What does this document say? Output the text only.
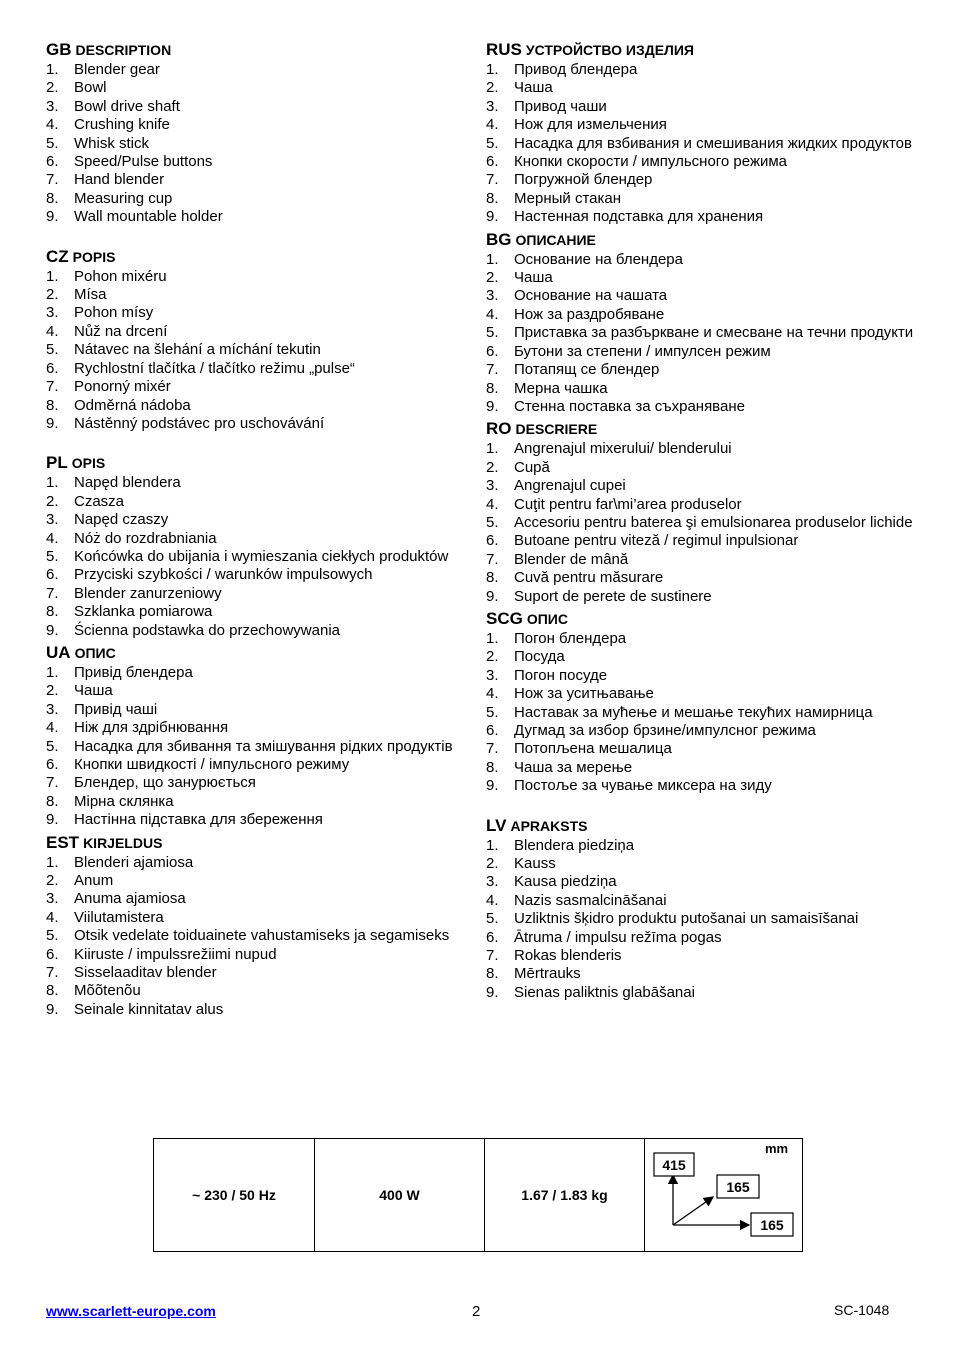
GB DESCRIPTION
1. Blender gear
2. Bowl
3. Bowl drive shaft
4. Crushing knife
5. Whisk stick
6. Speed/Pulse buttons
7. Hand blender
8. Measuring cup
9. Wall mountable holder
CZ POPIS
1. Pohon mixéru
2. Mísa
3. Pohon mísy
4. Nůž na drcení
5. Nátavec na šlehání a míchání tekutin
6. Rychlostní tlačítka / tlačítko režimu „pulse“
7. Ponorný mixér
8. Odměrná nádoba
9. Nástěnný podstávec pro uschovávání
PL OPIS
1. Napęd blendera
2. Czasza
3. Napęd czaszy
4. Nóż do rozdrabniania
5. Końcówka do ubijania i wymieszania ciekłych produktów
6. Przyciski szybkości / warunków impulsowych
7. Blender zanurzeniowy
8. Szklanka pomiarowa
9. Ścienna podstawka do przechowywania
UA ОПИС
1. Привід блендера
2. Чаша
3. Привід чаші
4. Ніж для здрібнювання
5. Насадка для збивання та змішування рідких продуктів
6. Кнопки швидкості / імпульсного режиму
7. Блендер, що занурюється
8. Мірна склянка
9. Настінна підставка для збереження
EST KIRJELDUS
1. Blenderi ajamiosa
2. Anum
3. Anuma ajamiosa
4. Viilutamistera
5. Otsik vedelate toiduainete vahustamiseks ja segamiseks
6. Kiiruste / impulssrežiimi nupud
7. Sisselaaditav blender
8. Mõõtenõu
9. Seinale kinnitatav alus
RUS УСТРОЙСТВО ИЗДЕЛИЯ
1. Привод блендера
2. Чаша
3. Привод чаши
4. Нож для измельчения
5. Насадка для взбивания и смешивания жидких продуктов
6. Кнопки скорости / импульсного режима
7. Погружной блендер
8. Мерный стакан
9. Настенная подставка для хранения
BG ОПИСАНИЕ
1. Основание на блендера
2. Чаша
3. Основание на чашата
4. Нож за раздробяване
5. Приставка за разбъркване и смесване на течни продукти
6. Бутони за степени / импулсен режим
7. Потапящ се блендер
8. Мерна чашка
9. Стенна поставка за съхраняване
RO DESCRIERE
1. Angrenajul mixerului/ blenderului
2. Cupă
3. Angrenajul cupei
4. Cuţit pentru far\mi’area produselor
5. Accesoriu pentru baterea şi emulsionarea produselor lichide
6. Butoane pentru viteză / regimul inpulsionar
7. Blender de mână
8. Cuvă pentru măsurare
9. Suport de perete de sustinere
SCG ОПИС
1. Погон блендера
2. Посуда
3. Погон посуде
4. Нож за уситњавање
5. Наставак за мућење и мешање текућих намирница
6. Дугмад за избор брзине/импулсног режима
7. Потопљена мешалица
8. Чаша за мерење
9. Постоље за чување миксера на зиду
LV APRAKSTS
1. Blendera piedziņa
2. Kauss
3. Kausa piedziņa
4. Nazis sasmalcināšanai
5. Uzliktnis šķidro produktu putošanai un samaisīšanai
6. Ātruma / impulsu režīma pogas
7. Rokas blenderis
8. Mērtrauks
9. Sienas paliktnis glabāšanai
~ 230 / 50 Hz	400 W	1.67 / 1.83 kg	
mm
415
165
165
www.scarlett-europe.com	2	SC-1048
